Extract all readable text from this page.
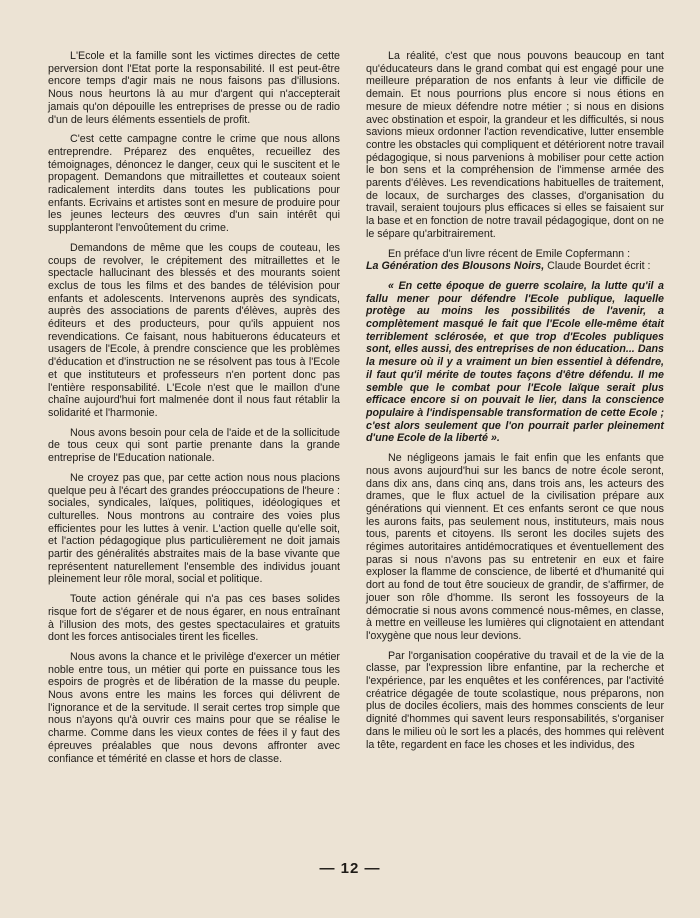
L'Ecole et la famille sont les victimes directes de cette perversion dont l'Etat porte la responsabilité. Il est peut-être encore temps d'agir mais ne nous faisons pas d'illusions. Nous nous heurtons là au mur d'argent qui n'accepterait jamais qu'on dépouille les entreprises de presse ou de radio d'un de leurs éléments essentiels de profit.

C'est cette campagne contre le crime que nous allons entreprendre. Préparez des enquêtes, recueillez des témoignages, dénoncez le danger, ceux qui le suscitent et le propagent. Demandons que mitraillettes et couteaux soient radicalement interdits dans toutes les publications pour enfants. Ecrivains et artistes sont en mesure de produire pour les jeunes lecteurs des œuvres d'un sain intérêt qui supplanteront l'envoûtement du crime.

Demandons de même que les coups de couteau, les coups de revolver, le crépitement des mitraillettes et le spectacle hallucinant des blessés et des mourants soient exclus de tous les films et des bandes de télévision pour enfants et adolescents. Intervenons auprès des syndicats, auprès des associations de parents d'élèves, auprès des éditeurs et des producteurs, pour qu'ils appuient nos revendications. Ce faisant, nous habituerons éducateurs et usagers de l'Ecole, à prendre conscience que les problèmes d'éducation et d'instruction ne se résolvent pas tous à l'Ecole et que instituteurs et professeurs n'en portent donc pas l'entière responsabilité. L'Ecole n'est que le maillon d'une chaîne aujourd'hui fort malmenée dont il nous faut rétablir la solidarité et l'harmonie.

Nous avons besoin pour cela de l'aide et de la sollicitude de tous ceux qui sont partie prenante dans la grande entreprise de l'Education nationale.

Ne croyez pas que, par cette action nous nous placions quelque peu à l'écart des grandes préoccupations de l'heure : sociales, syndicales, laïques, politiques, idéologiques et culturelles. Nous montrons au contraire des voies plus efficientes pour les luttes à venir. L'action quelle qu'elle soit, et l'action pédagogique plus particulièrement ne doit jamais partir des généralités abstraites mais de la base vivante que représentent naturellement l'ensemble des individus jouant pleinement leur rôle moral, social et politique.

Toute action générale qui n'a pas ces bases solides risque fort de s'égarer et de nous égarer, en nous entraînant à l'illusion des mots, des gestes spectaculaires et gratuits dont les forces antisociales tirent les ficelles.

Nous avons la chance et le privilège d'exercer un métier noble entre tous, un métier qui porte en puissance tous les espoirs de progrès et de libération de la masse du peuple. Nous avons entre les mains les forces qui délivrent de l'ignorance et de la servitude. Il serait certes trop simple que nous n'ayons qu'à ouvrir ces mains pour que se réalise le charme. Comme dans les vieux contes de fées il y faut des épreuves préalables que nous devons affronter avec confiance et témérité en classe et hors de classe.

La réalité, c'est que nous pouvons beaucoup en tant qu'éducateurs dans le grand combat qui est engagé pour une meilleure préparation de nos enfants à leur vie difficile de demain. Et nous pourrions plus encore si nous étions en mesure de mieux défendre notre métier ; si nous en disions avec obstination et espoir, la grandeur et les difficultés, si nous savions mieux ordonner l'action revendicative, lutter ensemble contre les obstacles qui compliquent et détériorent notre travail pédagogique, si nous parvenions à mobiliser pour cette action le bon sens et la compréhension de l'immense armée des parents d'élèves. Les revendications habituelles de traitement, de locaux, de surcharges des classes, d'organisation du travail, seraient toujours plus efficaces si elles se faisaient sur la base et en fonction de notre travail pédagogique, dont on ne le sépare qu'arbitrairement.

En préface d'un livre récent de Emile Copfermann :
La Génération des Blousons Noirs, Claude Bourdet écrit :

« En cette époque de guerre scolaire, la lutte qu'il a fallu mener pour défendre l'Ecole publique, laquelle protège au moins les possibilités de l'avenir, a complètement masqué le fait que l'Ecole elle-même était terriblement sclérosée, et que trop d'Ecoles publiques sont, elles aussi, des entreprises de non éducation... Dans la mesure où il y a vraiment un bien essentiel à défendre, il faut qu'il mérite de toutes façons d'être défendu. Il me semble que le combat pour l'Ecole laïque serait plus efficace encore si on pouvait le lier, dans la conscience populaire à l'indispensable transformation de cette Ecole ; c'est alors seulement que l'on pourrait parler pleinement d'une Ecole de la liberté ».

Ne négligeons jamais le fait enfin que les enfants que nous avons aujourd'hui sur les bancs de notre école seront, dans dix ans, dans cinq ans, dans trois ans, les acteurs des drames, que le flux actuel de la civilisation prépare aux générations qui viennent. Et ces enfants seront ce que nous les aurons faits, pas seulement nous, instituteurs, mais nous tous, parents et citoyens. Ils seront les dociles sujets des régimes autoritaires antidémocratiques et éventuellement des paras si nous n'avons pas su entretenir en eux et faire exploser la flamme de conscience, de liberté et d'humanité qui dort au fond de tout être soucieux de grandir, de s'affirmer, de jouer son rôle d'homme. Ils seront les fossoyeurs de la démocratie si nous avons commencé nous-mêmes, en classe, à mettre en veilleuse les lumières qui clignotaient en attendant l'oxygène que nous leur devions.

Par l'organisation coopérative du travail et de la vie de la classe, par l'expression libre enfantine, par la recherche et l'expérience, par les enquêtes et les conférences, par l'activité créatrice dégagée de toute scolastique, nous préparons, non plus de dociles écoliers, mais des hommes conscients de leur dignité d'hommes qui savent leurs responsabilités, s'organiser dans le milieu où le sort les a placés, des hommes qui relèvent la tête, regardent en face les choses et les individus, des

— 12 —
